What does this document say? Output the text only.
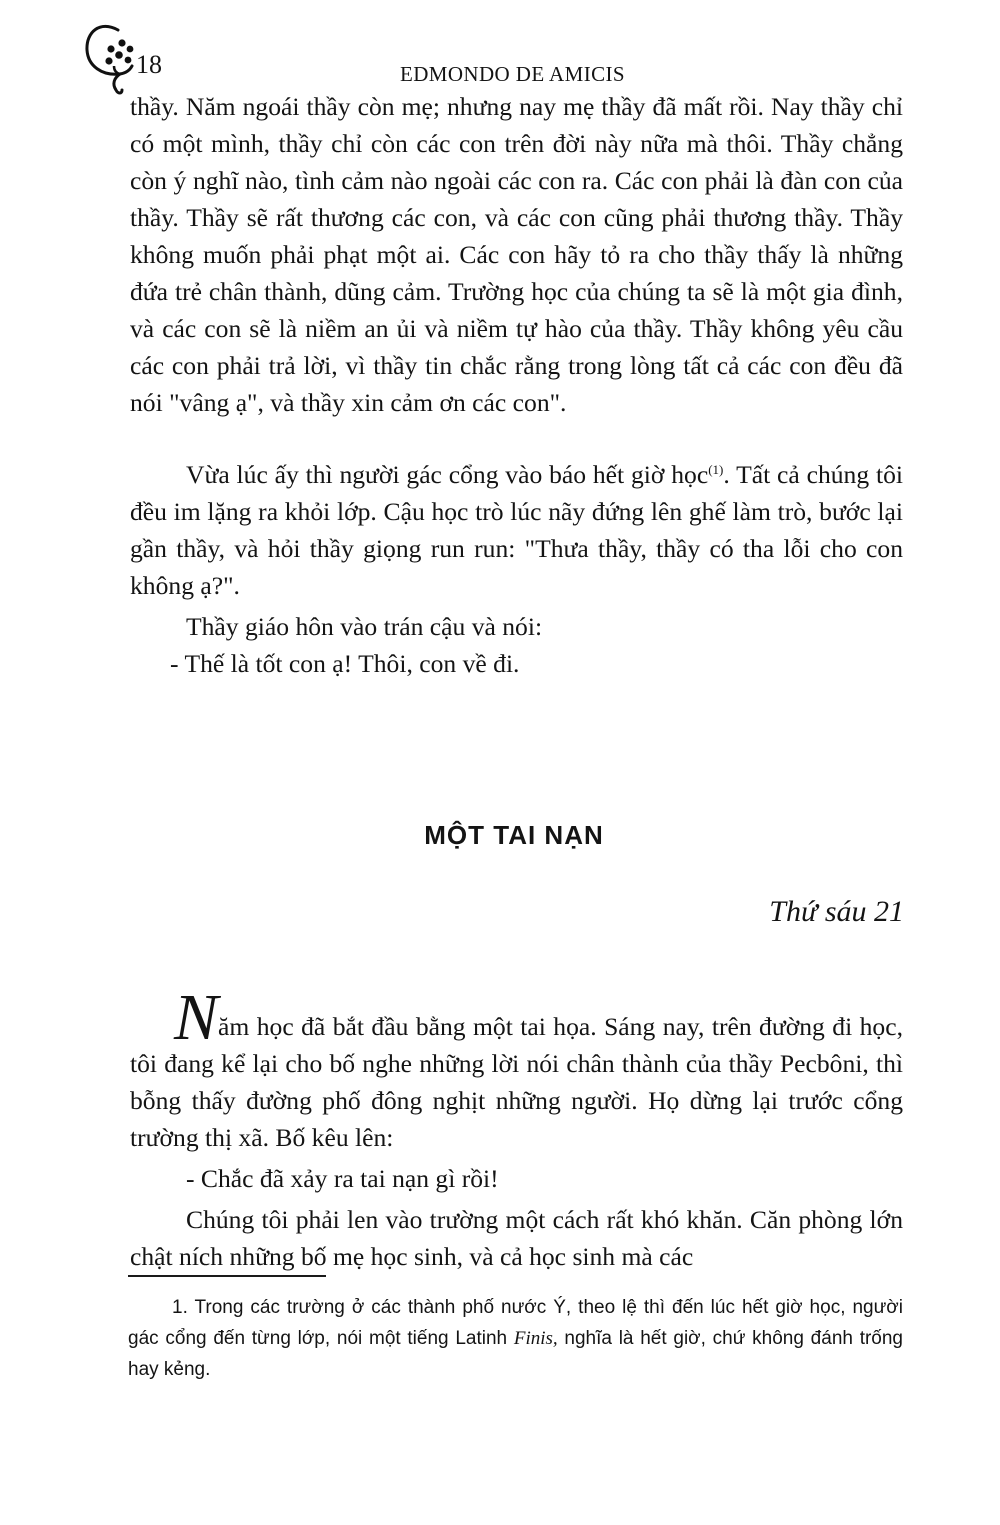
18	EDMONDO DE AMICIS

thầy. Năm ngoái thầy còn mẹ; nhưng nay mẹ thầy đã mất rồi. Nay thầy chỉ có một mình, thầy chỉ còn các con trên đời này nữa mà thôi. Thầy chẳng còn ý nghĩ nào, tình cảm nào ngoài các con ra. Các con phải là đàn con của thầy. Thầy sẽ rất thương các con, và các con cũng phải thương thầy. Thầy không muốn phải phạt một ai. Các con hãy tỏ ra cho thầy thấy là những đứa trẻ chân thành, dũng cảm. Trường học của chúng ta sẽ là một gia đình, và các con sẽ là niềm an ủi và niềm tự hào của thầy. Thầy không yêu cầu các con phải trả lời, vì thầy tin chắc rằng trong lòng tất cả các con đều đã nói "vâng ạ", và thầy xin cảm ơn các con".

Vừa lúc ấy thì người gác cổng vào báo hết giờ học$^{(1)}$. Tất cả chúng tôi đều im lặng ra khỏi lớp. Cậu học trò lúc nãy đứng lên ghế làm trò, bước lại gần thầy, và hỏi thầy giọng run run: "Thưa thầy, thầy có tha lỗi cho con không ạ?".

Thầy giáo hôn vào trán cậu và nói:

- Thế là tốt con ạ! Thôi, con về đi.

MỘT TAI NẠN
Thứ sáu 21

Năm học đã bắt đầu bằng một tai họa. Sáng nay, trên đường đi học, tôi đang kể lại cho bố nghe những lời nói chân thành của thầy Pecbôni, thì bỗng thấy đường phố đông nghịt những người. Họ dừng lại trước cổng trường thị xã. Bố kêu lên:

- Chắc đã xảy ra tai nạn gì rồi!

Chúng tôi phải len vào trường một cách rất khó khăn. Căn phòng lớn chật ních những bố mẹ học sinh, và cả học sinh mà các

1. Trong các trường ở các thành phố nước Ý, theo lệ thì đến lúc hết giờ học, người gác cổng đến từng lớp, nói một tiếng Latinh Finis, nghĩa là hết giờ, chứ không đánh trống hay kẻng.
